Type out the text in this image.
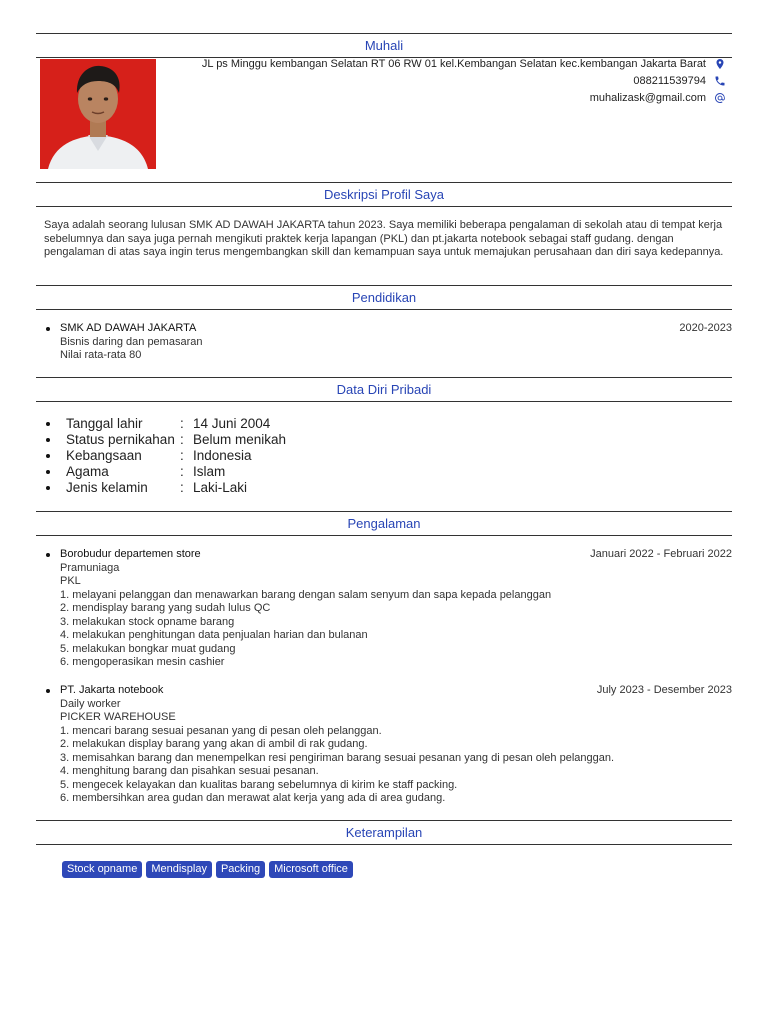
Muhali
JL ps Minggu kembangan Selatan RT 06 RW 01 kel.Kembangan Selatan kec.kembangan Jakarta Barat
088211539794
muhalizask@gmail.com
Deskripsi Profil Saya
Saya adalah seorang lulusan SMK AD DAWAH JAKARTA tahun 2023. Saya memiliki beberapa pengalaman di sekolah atau di tempat kerja sebelumnya dan saya juga pernah mengikuti praktek kerja lapangan (PKL) dan pt.jakarta notebook sebagai staff gudang. dengan pengalaman di atas saya ingin terus mengembangkan skill dan kemampuan saya untuk memajukan perusahaan dan diri saya kedepannya.
Pendidikan
SMK AD DAWAH JAKARTA	2020-2023
Bisnis daring dan pemasaran
Nilai rata-rata 80
Data Diri Pribadi
Tanggal lahir	: 14 Juni 2004
Status pernikahan : Belum menikah
Kebangsaan	: Indonesia
Agama	: Islam
Jenis kelamin	: Laki-Laki
Pengalaman
Borobudur departemen store	Januari 2022 - Februari 2022
Pramuniaga
PKL
1. melayani pelanggan dan menawarkan barang dengan salam senyum dan sapa kepada pelanggan
2. mendisplay barang yang sudah lulus QC
3. melakukan stock opname barang
4. melakukan penghitungan data penjualan harian dan bulanan
5. melakukan bongkar muat gudang
6. mengoperasikan mesin cashier
PT. Jakarta notebook	July 2023 - Desember 2023
Daily worker
PICKER WAREHOUSE
1. mencari barang sesuai pesanan yang di pesan oleh pelanggan.
2. melakukan display barang yang akan di ambil di rak gudang.
3. memisahkan barang dan menempelkan resi pengiriman barang sesuai pesanan yang di pesan oleh pelanggan.
4. menghitung barang dan pisahkan sesuai pesanan.
5. mengecek kelayakan dan kualitas barang sebelumnya di kirim ke staff packing.
6. membersihkan area gudan dan merawat alat kerja yang ada di area gudang.
Keterampilan
Stock opname	Mendisplay	Packing	Microsoft office
